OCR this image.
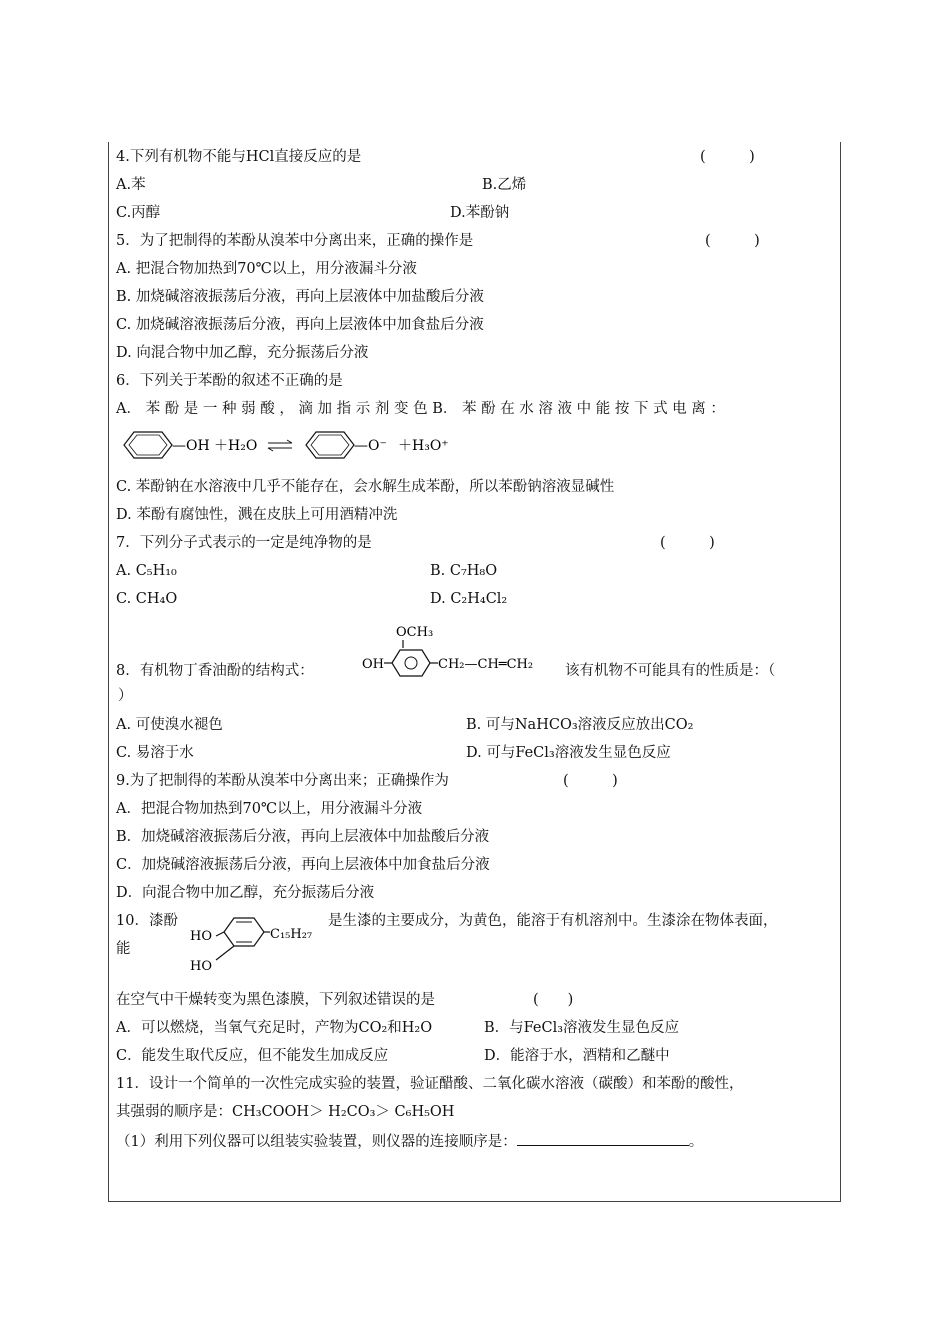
4.下列有机物不能与HCl直接反应的是	(　　　)
A.苯	B.乙烯
C.丙醇	D.苯酚钠
5．为了把制得的苯酚从溴苯中分离出来，正确的操作是	(　　　)
A. 把混合物加热到70℃以上，用分液漏斗分液
B. 加烧碱溶液振荡后分液，再向上层液体中加盐酸后分液
C. 加烧碱溶液振荡后分液，再向上层液体中加食盐后分液
D. 向混合物中加乙醇，充分振荡后分液
6．下列关于苯酚的叙述不正确的是
A． 苯 酚 是 一 种 弱 酸 ， 滴 加 指 示 剂 变 色 B． 苯 酚 在 水 溶 液 中 能 按 下 式 电 离 ：
—OH ＋H₂O	—O⁻ ＋H₃O⁺
C. 苯酚钠在水溶液中几乎不能存在，会水解生成苯酚，所以苯酚钠溶液显碱性
D. 苯酚有腐蚀性，溅在皮肤上可用酒精冲洗
7．下列分子式表示的一定是纯净物的是	(　　　)
A. C₅H₁₀	B. C₇H₈O
C. CH₄O	D. C₂H₄Cl₂
OCH₃
OH	CH₂—CH═CH₂
8．有机物丁香油酚的结构式：	该有机物不可能具有的性质是：（
）
A. 可使溴水褪色	B. 可与NaHCO₃溶液反应放出CO₂
C. 易溶于水	D. 可与FeCl₃溶液发生显色反应
9.为了把制得的苯酚从溴苯中分离出来；正确操作为	(　　　)
A．把混合物加热到70℃以上，用分液漏斗分液
B．加烧碱溶液振荡后分液，再向上层液体中加盐酸后分液
C．加烧碱溶液振荡后分液，再向上层液体中加食盐后分液
D．向混合物中加乙醇，充分振荡后分液
10．漆酚
HO
HO
C₁₅H₂₇
是生漆的主要成分，为黄色，能溶于有机溶剂中。生漆涂在物体表面，
能
在空气中干燥转变为黑色漆膜，下列叙述错误的是	(　　)
A．可以燃烧，当氧气充足时，产物为CO₂和H₂O	B．与FeCl₃溶液发生显色反应
C．能发生取代反应，但不能发生加成反应	D．能溶于水，酒精和乙醚中
11．设计一个简单的一次性完成实验的装置，验证醋酸、二氧化碳水溶液（碳酸）和苯酚的酸性，
其强弱的顺序是：CH₃COOH＞ H₂CO₃＞ C₆H₅OH
（1）利用下列仪器可以组装实验装置，则仪器的连接顺序是：	。
